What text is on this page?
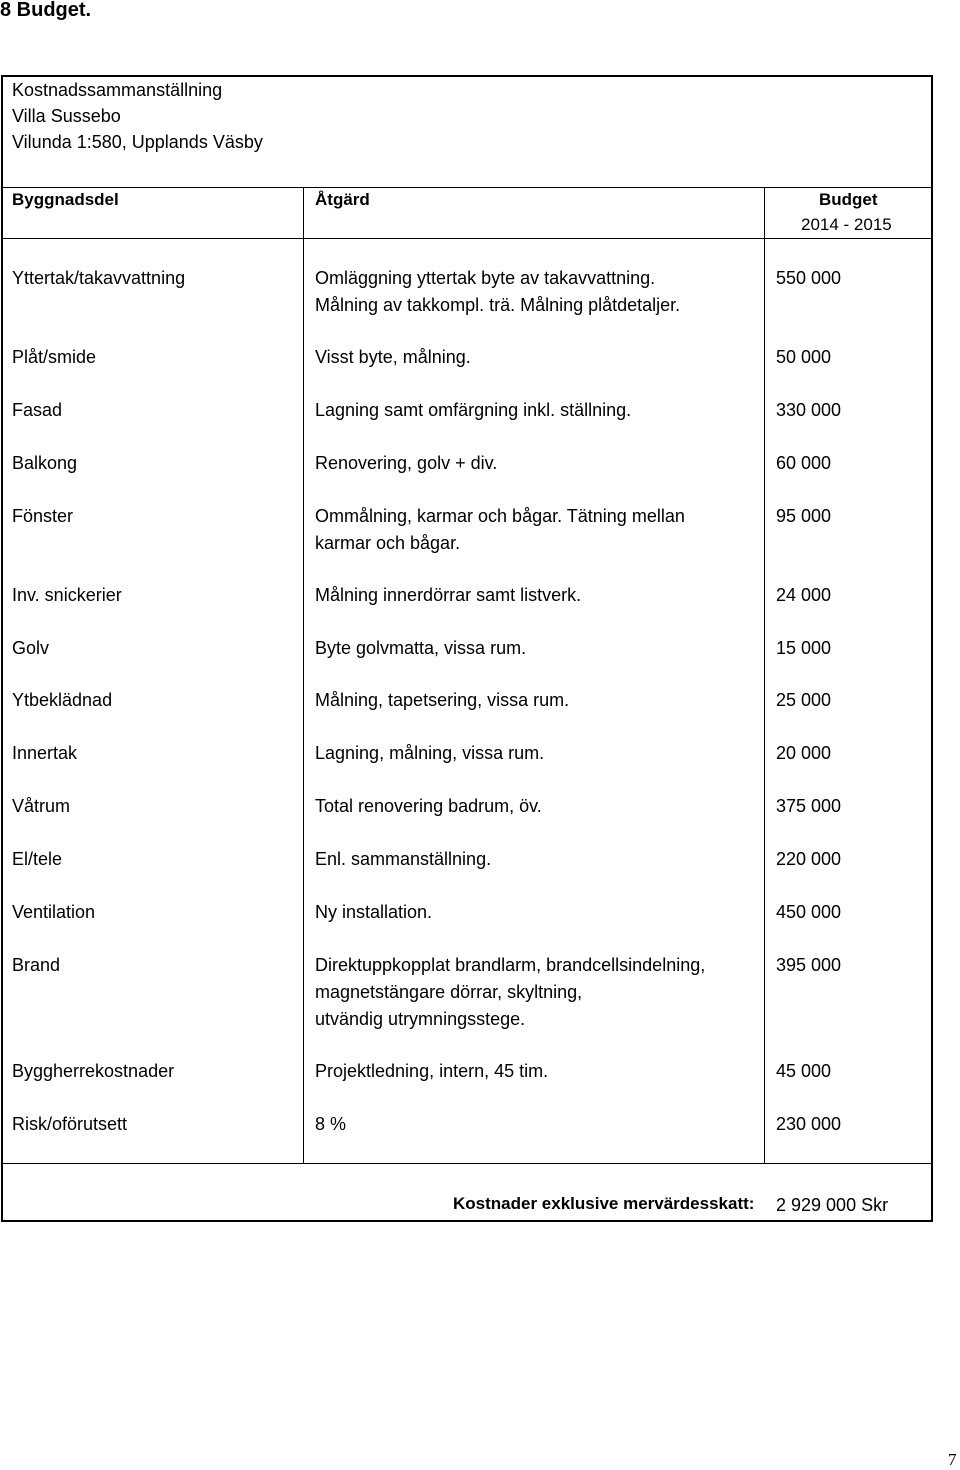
8 Budget.
Kostnadssammanställning
Villa Sussebo
Vilunda 1:580, Upplands Väsby
Byggnadsdel	Åtgärd	Budget
2014 - 2015
Yttertak/takavvattning	Omläggning yttertak byte av takavvattning.
Målning av takkompl. trä. Målning plåtdetaljer.
550 000
Plåt/smide	Visst byte, målning.	50 000
Fasad	Lagning samt omfärgning inkl. ställning.	330 000
Balkong	Renovering, golv + div.	60 000
Fönster	Ommålning, karmar och bågar. Tätning mellan
karmar och bågar.
95 000
Inv. snickerier	Målning innerdörrar samt listverk.	24 000
Golv	Byte golvmatta, vissa rum.	15 000
Ytbeklädnad	Målning, tapetsering, vissa rum.	25 000
Innertak	Lagning, målning, vissa rum.	20 000
Våtrum	Total renovering badrum, öv.	375 000
El/tele	Enl. sammanställning.	220 000
Ventilation	Ny installation.	450 000
Brand	Direktuppkopplat brandlarm, brandcellsindelning,
magnetstängare dörrar, skyltning,
utvändig utrymningsstege.
395 000
Byggherrekostnader	Projektledning, intern, 45 tim.	45 000
Risk/oförutsett	8 %	230 000
Kostnader exklusive mervärdesskatt: 2 929 000 Skr
7
